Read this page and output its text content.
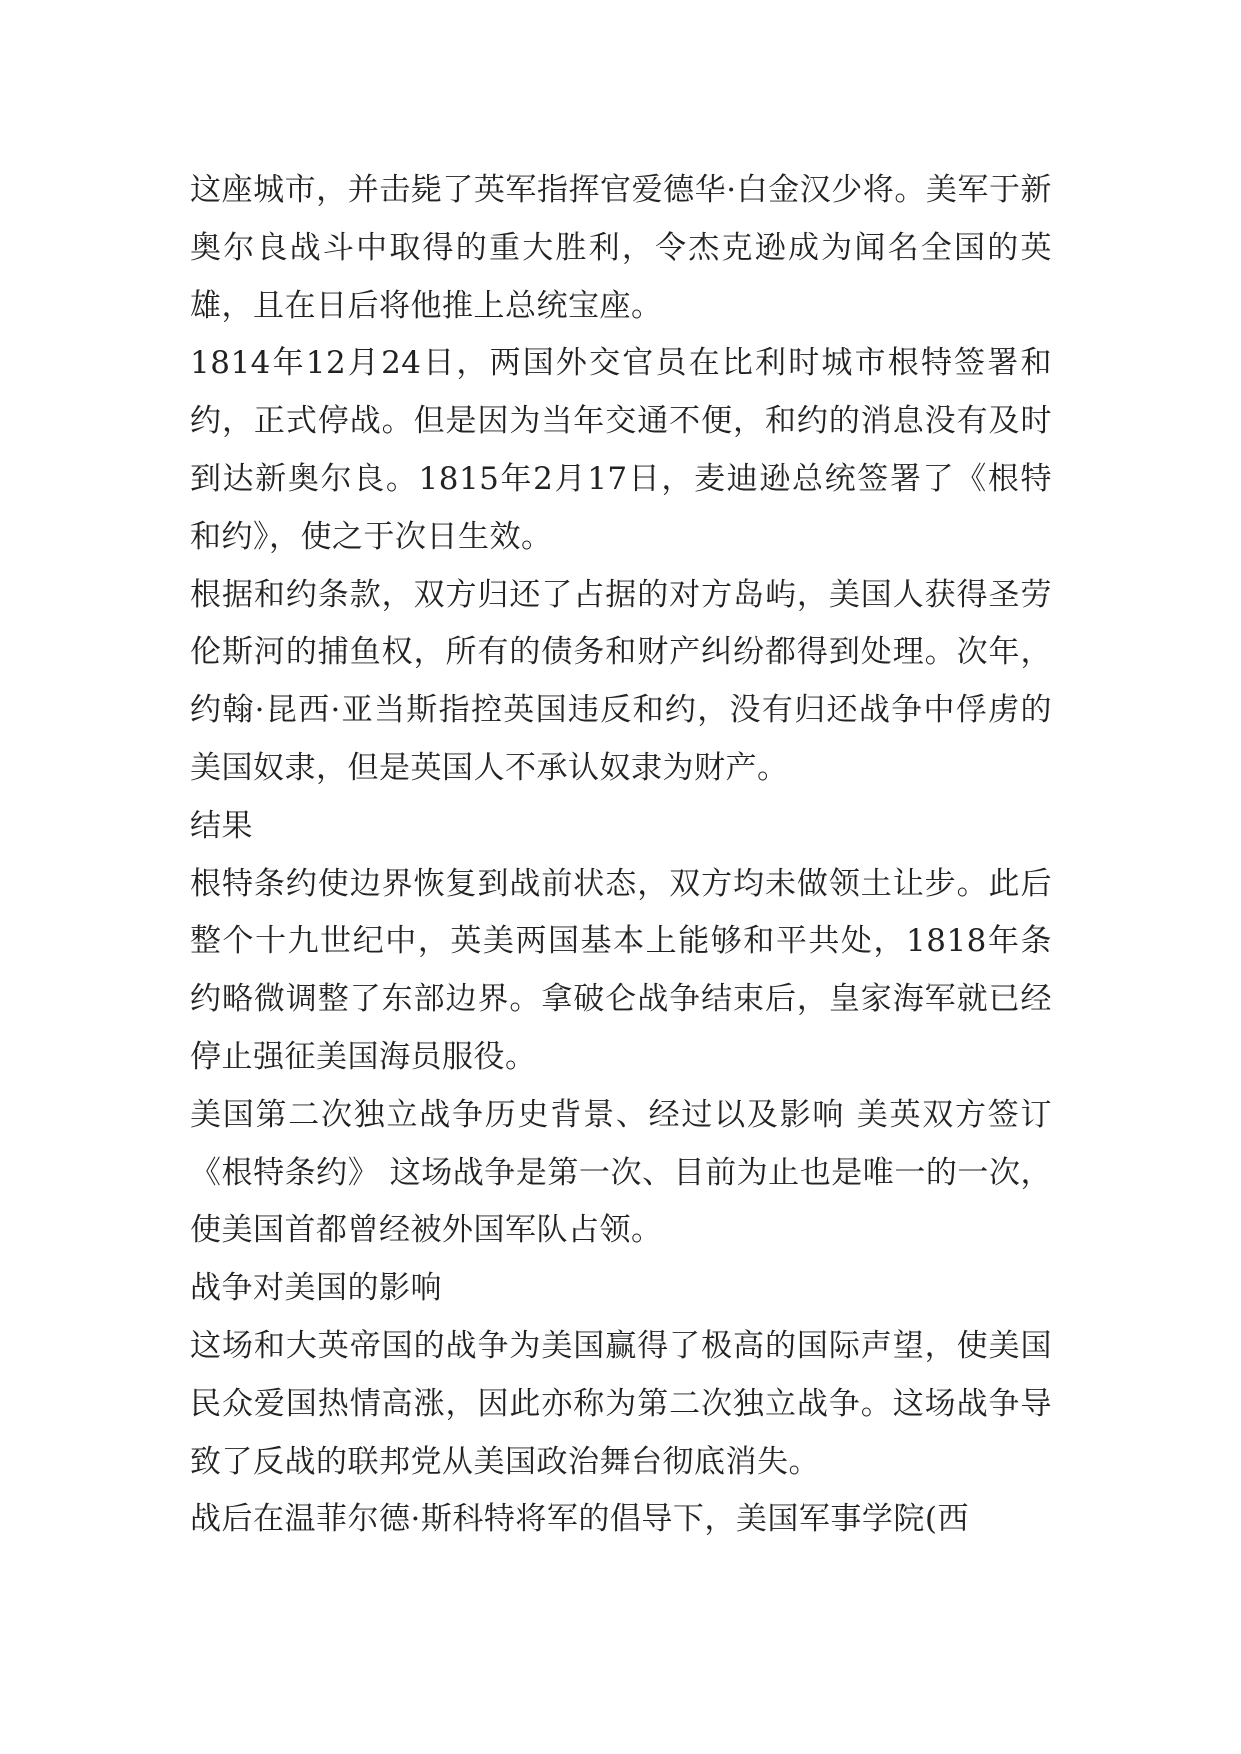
这座城市，并击毙了英军指挥官爱德华·白金汉少将。美军于新奥尔良战斗中取得的重大胜利，令杰克逊成为闻名全国的英雄，且在日后将他推上总统宝座。

1814年12月24日，两国外交官员在比利时城市根特签署和约，正式停战。但是因为当年交通不便，和约的消息没有及时到达新奥尔良。1815年2月17日，麦迪逊总统签署了《根特和约》，使之于次日生效。

根据和约条款，双方归还了占据的对方岛屿，美国人获得圣劳伦斯河的捕鱼权，所有的债务和财产纠纷都得到处理。次年，约翰·昆西·亚当斯指控英国违反和约，没有归还战争中俘虏的美国奴隶，但是英国人不承认奴隶为财产。

结果

根特条约使边界恢复到战前状态，双方均未做领土让步。此后整个十九世纪中，英美两国基本上能够和平共处，1818年条约略微调整了东部边界。拿破仑战争结束后，皇家海军就已经停止强征美国海员服役。

美国第二次独立战争历史背景、经过以及影响 美英双方签订《根特条约》 这场战争是第一次、目前为止也是唯一的一次，使美国首都曾经被外国军队占领。

战争对美国的影响

这场和大英帝国的战争为美国赢得了极高的国际声望，使美国民众爱国热情高涨，因此亦称为第二次独立战争。这场战争导致了反战的联邦党从美国政治舞台彻底消失。

战后在温菲尔德·斯科特将军的倡导下，美国军事学院(西
